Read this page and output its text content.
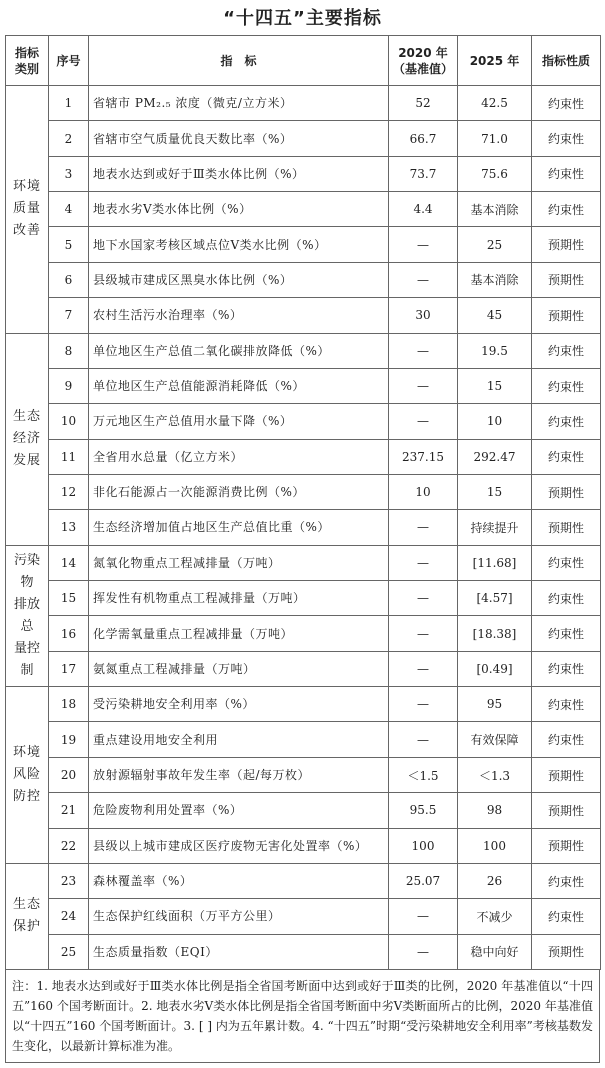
“十四五”主要指标
指标
类别	序号	指　标	2020 年
（基准值）	2025 年	指标性质
环境
质量
改善	1	省辖市 PM₂.₅ 浓度（微克/立方米）	52	42.5	约束性
	2	省辖市空气质量优良天数比率（%）	66.7	71.0	约束性
	3	地表水达到或好于Ⅲ类水体比例（%）	73.7	75.6	约束性
	4	地表水劣Ⅴ类水体比例（%）	4.4	基本消除	约束性
	5	地下水国家考核区域点位Ⅴ类水比例（%）	—	25	预期性
	6	县级城市建成区黑臭水体比例（%）	—	基本消除	预期性
	7	农村生活污水治理率（%）	30	45	预期性
生态
经济
发展	8	单位地区生产总值二氧化碳排放降低（%）	—	19.5	约束性
	9	单位地区生产总值能源消耗降低（%）	—	15	约束性
	10	万元地区生产总值用水量下降（%）	—	10	约束性
	11	全省用水总量（亿立方米）	237.15	292.47	约束性
	12	非化石能源占一次能源消费比例（%）	10	15	预期性
	13	生态经济增加值占地区生产总值比重（%）	—	持续提升	预期性
污染物
排放总
量控制	14	氮氧化物重点工程减排量（万吨）	—	[11.68]	约束性
	15	挥发性有机物重点工程减排量（万吨）	—	[4.57]	约束性
	16	化学需氧量重点工程减排量（万吨）	—	[18.38]	约束性
	17	氨氮重点工程减排量（万吨）	—	[0.49]	约束性
环境
风险
防控	18	受污染耕地安全利用率（%）	—	95	约束性
	19	重点建设用地安全利用	—	有效保障	约束性
	20	放射源辐射事故年发生率（起/每万枚）	＜1.5	＜1.3	预期性
	21	危险废物利用处置率（%）	95.5	98	预期性
	22	县级以上城市建成区医疗废物无害化处置率（%）	100	100	预期性
生态
保护	23	森林覆盖率（%）	25.07	26	约束性
	24	生态保护红线面积（万平方公里）	—	不减少	约束性
	25	生态质量指数（EQI）	—	稳中向好	预期性
注：1. 地表水达到或好于Ⅲ类水体比例是指全省国考断面中达到或好于Ⅲ类的比例，2020 年基准值以“十四五”160 个国考断面计。2. 地表水劣Ⅴ类水体比例是指全省国考断面中劣Ⅴ类断面所占的比例，2020 年基准值以“十四五”160 个国考断面计。3. [ ] 内为五年累计数。4. “十四五”时期“受污染耕地安全利用率”考核基数发生变化，以最新计算标准为准。
